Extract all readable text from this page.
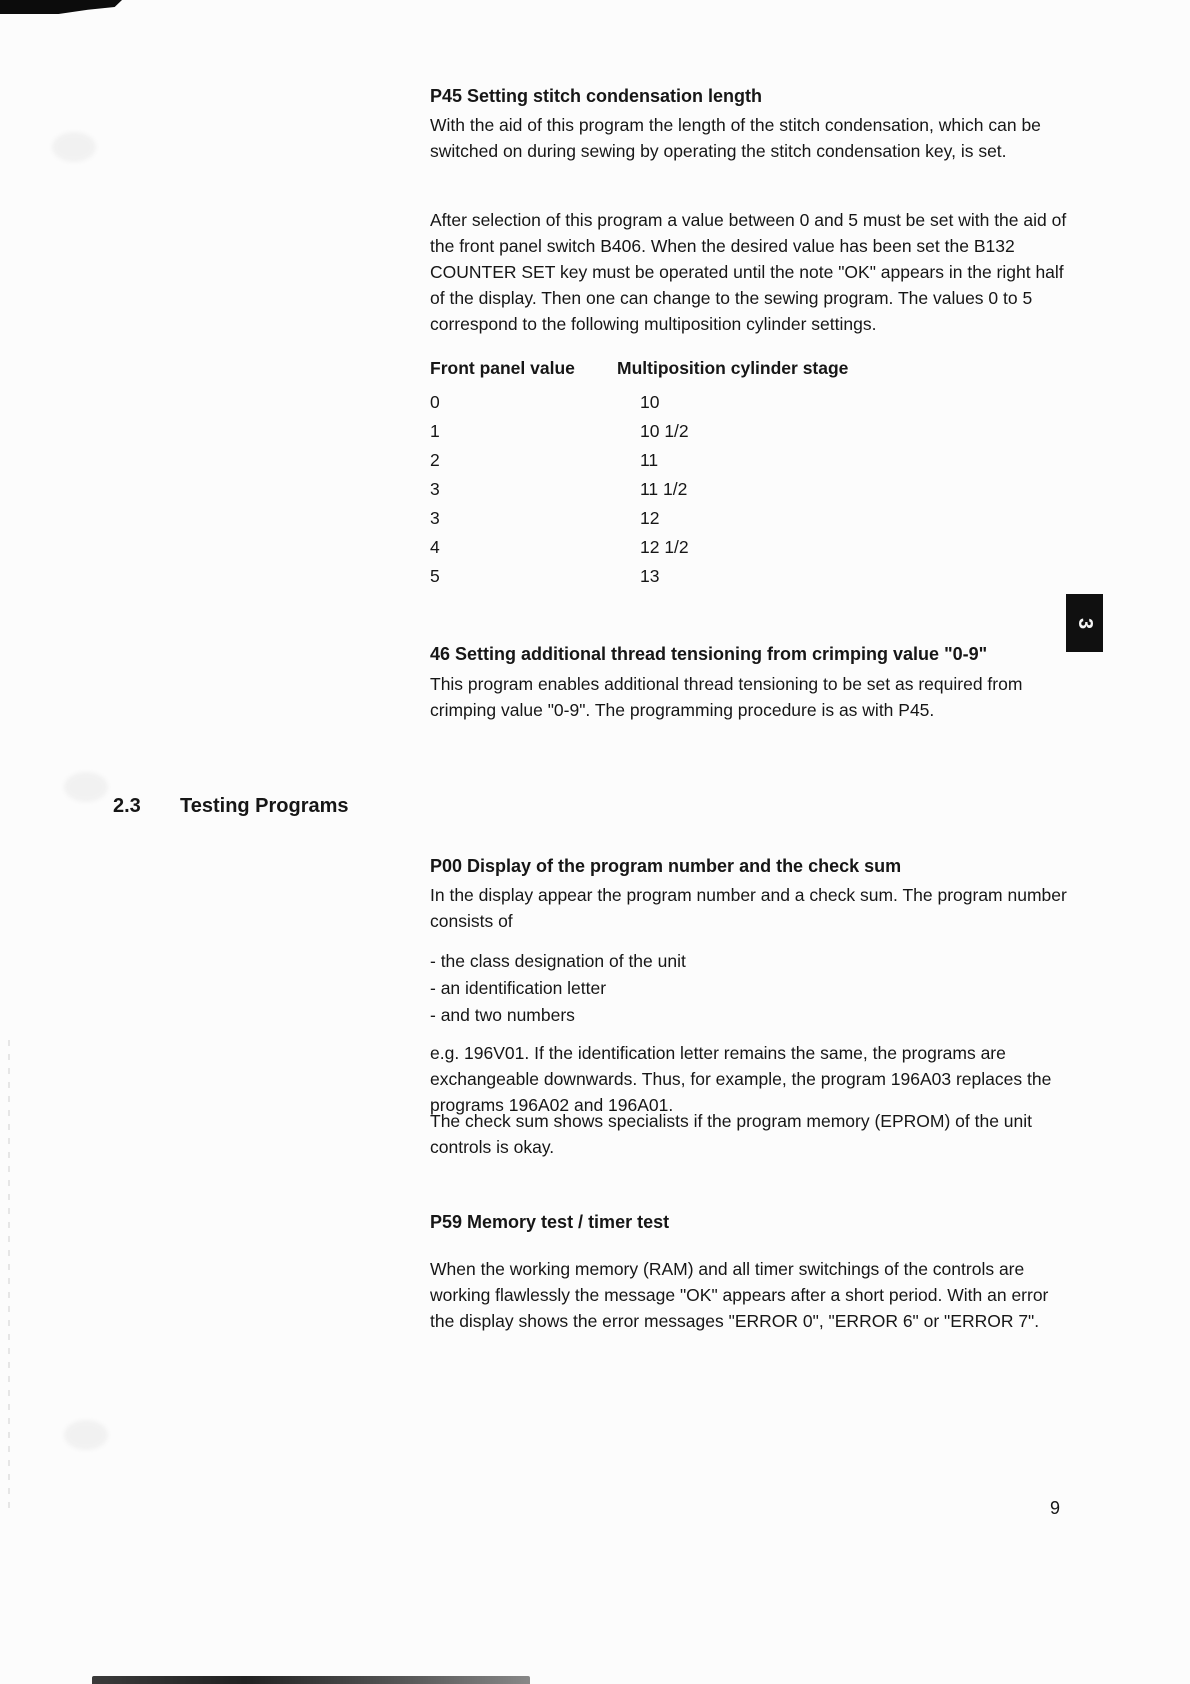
P45 Setting stitch condensation length

With the aid of this program the length of the stitch condensation, which can be switched on during sewing by operating the stitch condensation key, is set.

After selection of this program a value between 0 and 5 must be set with the aid of the front panel switch B406. When the desired value has been set the B132 COUNTER SET key must be operated until the note "OK" appears in the right half of the display. Then one can change to the sewing program. The values 0 to 5 correspond to the following multiposition cylinder settings.

Front panel value	Multiposition cylinder stage
0	10
1	10 1/2
2	11
3	11 1/2
3	12
4	12 1/2
5	13
3
46 Setting additional thread tensioning from crimping value "0-9"

This program enables additional thread tensioning to be set as required from crimping value "0-9". The programming procedure is as with P45.

2.3	Testing Programs
P00 Display of the program number and the check sum

In the display appear the program number and a check sum. The program number consists of

- the class designation of the unit
- an identification letter
- and two numbers

e.g. 196V01. If the identification letter remains the same, the programs are exchangeable downwards. Thus, for example, the program 196A03 replaces the programs 196A02 and 196A01.

The check sum shows specialists if the program memory (EPROM) of the unit controls is okay.

P59 Memory test / timer test

When the working memory (RAM) and all timer switchings of the controls are working flawlessly the message "OK" appears after a short period. With an error the display shows the error messages "ERROR 0", "ERROR 6" or "ERROR 7".

9
